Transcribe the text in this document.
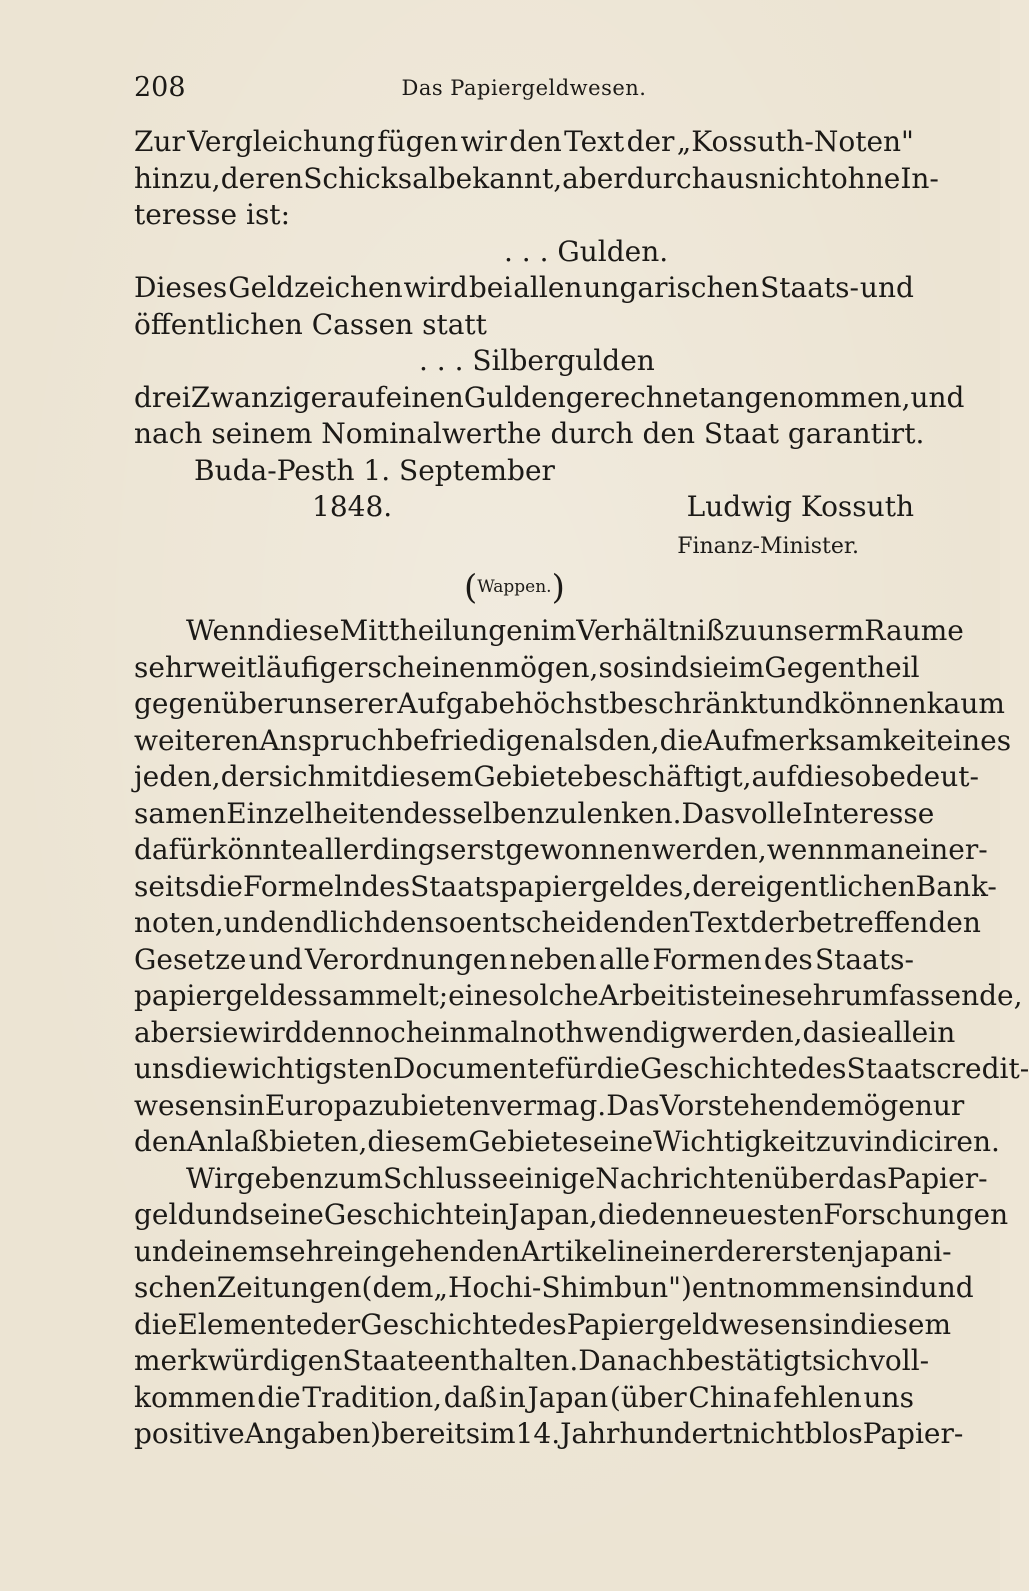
208	Das Papiergeldwesen.
Zur Vergleichung fügen wir den Text der „Kossuth-Noten"
hinzu, deren Schicksal bekannt, aber durchaus nicht ohne In-
teresse ist:
. . . Gulden.
Dieses Geldzeichen wird bei allen ungarischen Staats- und
öffentlichen Cassen statt
. . . Silbergulden
drei Zwanziger auf einen Gulden gerechnet angenommen, und
nach seinem Nominalwerthe durch den Staat garantirt.
Buda-Pesth 1. September
1848.	Ludwig Kossuth
Finanz-Minister.
(Wappen.)
Wenn diese Mittheilungen im Verhältniß zu unserm Raume
sehr weitläufig erscheinen mögen, so sind sie im Gegentheil
gegenüber unserer Aufgabe höchst beschränkt und können kaum
weiteren Anspruch befriedigen als den, die Aufmerksamkeit eines
jeden, der sich mit diesem Gebiete beschäftigt, auf die so bedeut-
samen Einzelheiten desselben zu lenken. Das volle Interesse
dafür könnte allerdings erst gewonnen werden, wenn man einer-
seits die Formeln des Staatspapiergeldes, der eigentlichen Bank-
noten, und endlich den so entscheidenden Text der betreffenden
Gesetze und Verordnungen neben alle Formen des Staats-
papiergeldes sammelt; eine solche Arbeit ist eine sehr umfassende,
aber sie wird dennoch einmal nothwendig werden, da sie allein
uns die wichtigsten Documente für die Geschichte des Staatscredit-
wesens in Europa zu bieten vermag. Das Vorstehende möge nur
den Anlaß bieten, diesem Gebiete seine Wichtigkeit zu vindiciren.
Wir geben zum Schlusse einige Nachrichten über das Papier-
geld und seine Geschichte in Japan, die den neuesten Forschungen
und einem sehr eingehenden Artikel in einer der ersten japani-
schen Zeitungen (dem „Hochi-Shimbun") entnommen sind und
die Elemente der Geschichte des Papiergeldwesens in diesem
merkwürdigen Staate enthalten. Danach bestätigt sich voll-
kommen die Tradition, daß in Japan (über China fehlen uns
positive Angaben) bereits im 14. Jahrhundert nicht blos Papier-
